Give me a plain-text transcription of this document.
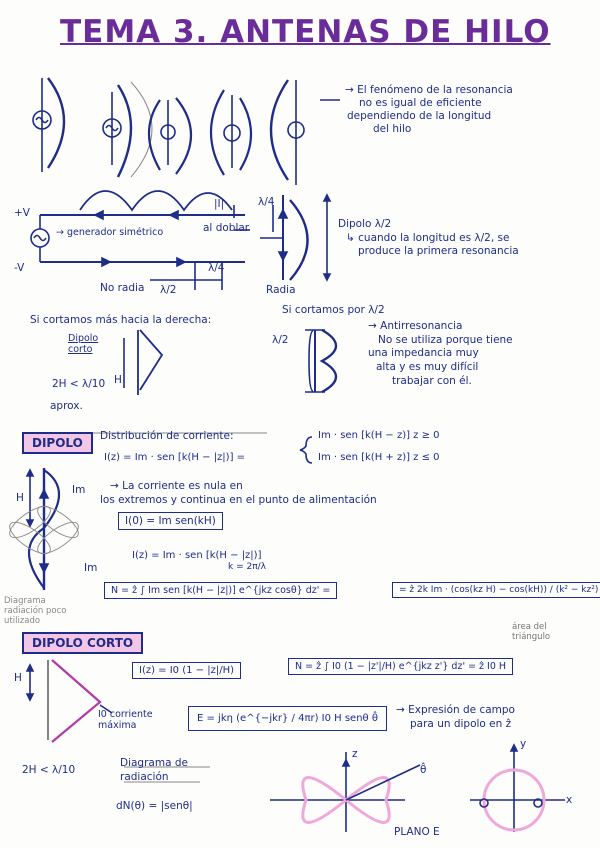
TEMA 3. ANTENAS DE HILO
→ El fenómeno de la resonancia
no es igual de eficiente
dependiendo de la longitud
del hilo
+V
-V
→ generador simétrico
No radia λ/2
λ/4
|I|
al doblar
λ/4
Radia
Dipolo λ/2
↳ cuando la longitud es λ/2, se
produce la primera resonancia
Si cortamos más hacia la derecha:
Dipolo corto
2H < λ/10
aprox.
H
Si cortamos por λ/2
λ/2
→ Antirresonancia
No se utiliza porque tiene
una impedancia muy
alta y es muy difícil
trabajar con él.
DIPOLO	Distribución de corriente:
I(z) = Im · sen [k(H − |z|)] =
Im · sen [k(H − z)] z ≥ 0
Im · sen [k(H + z)] z ≤ 0
H
Im
Im
→ La corriente es nula en
los extremos y continua en el punto de alimentación
I(0) = Im sen(kH)
I(z) = Im · sen [k(H − |z|)]
k = 2π/λ
N = ẑ ∫ Im sen [k(H − |z|)] e^{jkz cosθ} dz' =	= ẑ 2k Im · (cos(kz H) − cos(kH)) / (k² − kz²)
Diagrama
radiación poco
utilizado
DIPOLO CORTO
H
I(z) = I0 (1 − |z|/H)	N = ẑ ∫ I0 (1 − |z'|/H) e^{jkz z'} dz' = ẑ I0 H
área del
triángulo
I0 corriente máxima
E = jkη (e^{−jkr} / 4πr) I0 H senθ θ̂
→ Expresión de campo
para un dipolo en ẑ
2H < λ/10
Diagrama de radiación
dN(θ) = |senθ|
PLANO E
z
y
x
θ̂
